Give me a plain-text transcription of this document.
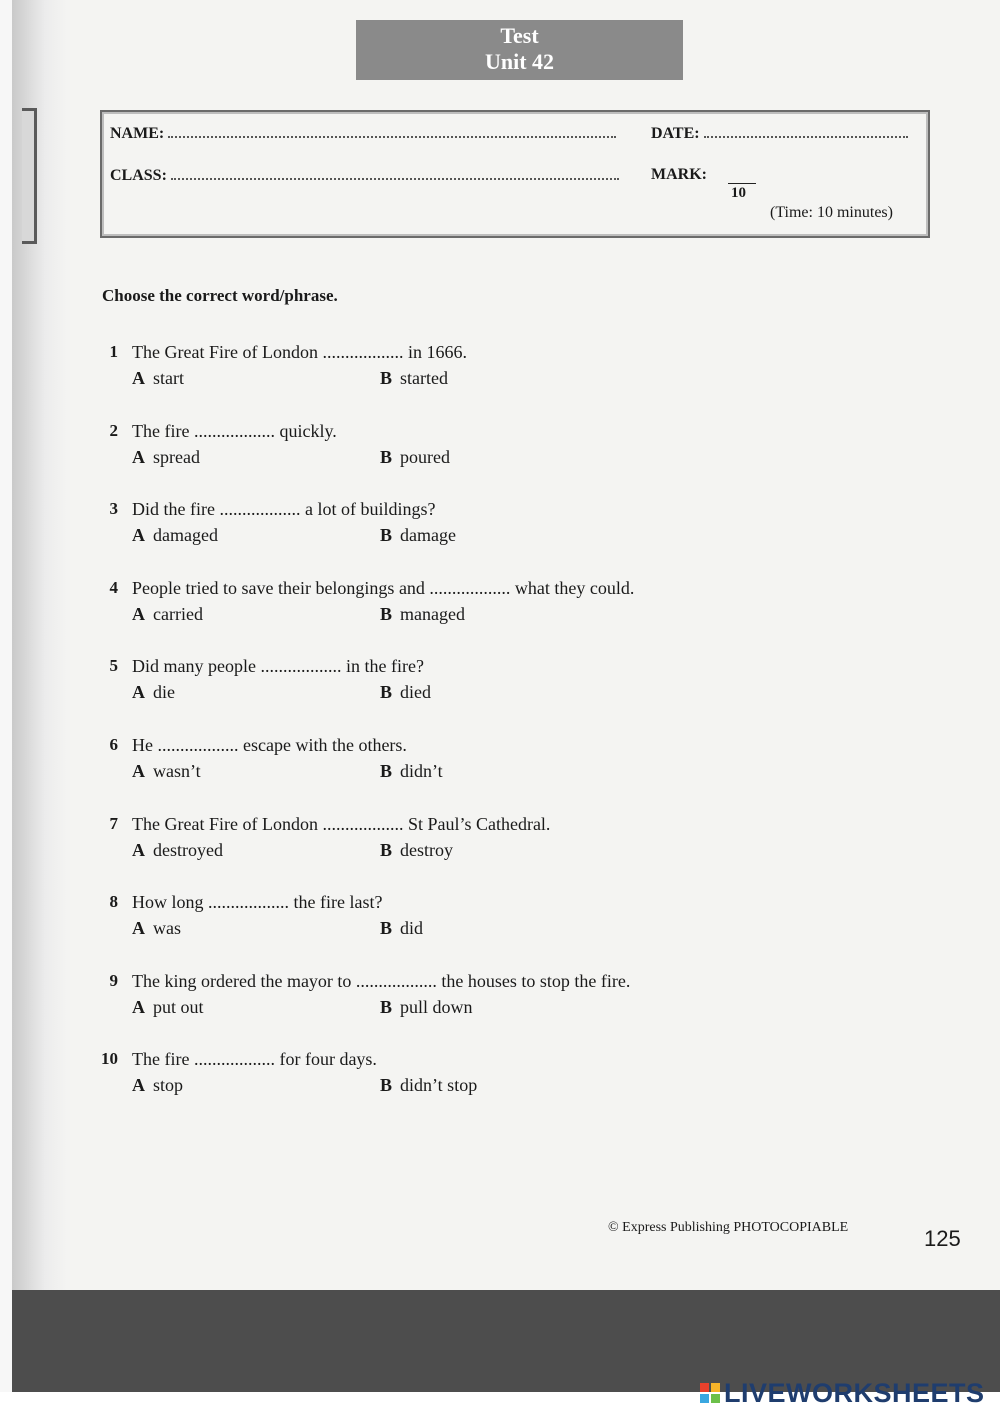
Test
Unit 42
NAME:	DATE:
CLASS:	MARK:
10
(Time: 10 minutes)
Choose the correct word/phrase.
1 The Great Fire of London .................. in 1666.
A start	B started
2 The fire .................. quickly.
A spread	B poured
3 Did the fire .................. a lot of buildings?
A damaged	B damage
4 People tried to save their belongings and .................. what they could.
A carried	B managed
5 Did many people .................. in the fire?
A die	B died
6 He .................. escape with the others.
A wasn’t	B didn’t
7 The Great Fire of London .................. St Paul’s Cathedral.
A destroyed	B destroy
8 How long .................. the fire last?
A was	B did
9 The king ordered the mayor to .................. the houses to stop the fire.
A put out	B pull down
10 The fire .................. for four days.
A stop	B didn’t stop
© Express Publishing PHOTOCOPIABLE	125
LIVEWORKSHEETS
